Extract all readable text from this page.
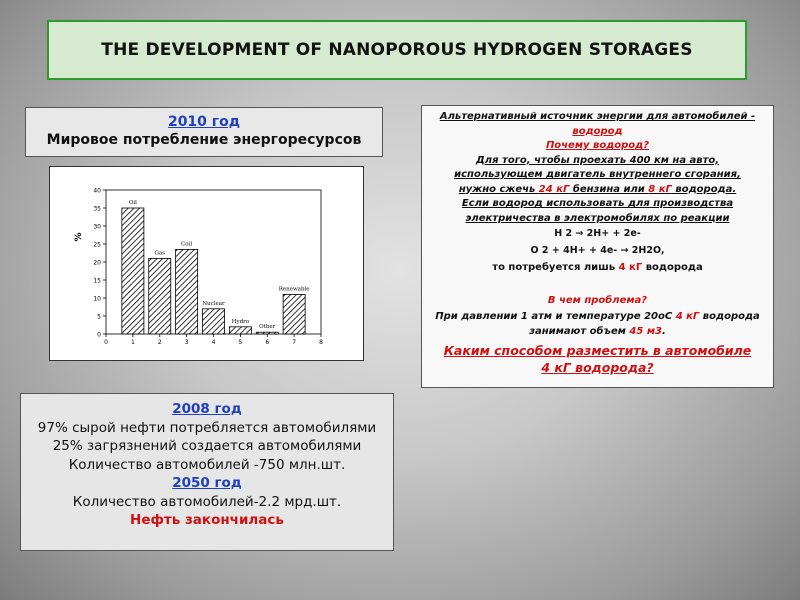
THE DEVELOPMENT OF NANOPOROUS HYDROGEN STORAGES
2010 год
Мировое потребление энергоресурсов
%
0
5
10
15
20
25
30
35
40
0	1	2	3	4	5	6	7	8
Oil
Gas
Coil
Nuclear
Hydro
Other
Renewable
2008 год
97% сырой нефти потребляется автомобилями
25% загрязнений создается автомобилями
Количество автомобилей -750 млн.шт.
2050 год
Количество автомобилей-2.2 мрд.шт.
Нефть закончилась
Альтернативный источник энергии для автомобилей -
водород
Почему водород?
Для того, чтобы проехать 400 км на авто,
использующем двигатель внутреннего сгорания,
нужно сжечь 24 кГ бензина или 8 кГ водорода.
Если водород использовать для производства
электричества в электромобилях по реакции
H 2 → 2H+ + 2e-
O 2 + 4H+ + 4e- → 2H2O,
то потребуется лишь 4 кГ водорода
В чем проблема?
При давлении 1 атм и температуре 20оС 4 кГ водорода
занимают объем 45 м3.
Каким способом разместить в автомобиле
4 кГ водорода?
